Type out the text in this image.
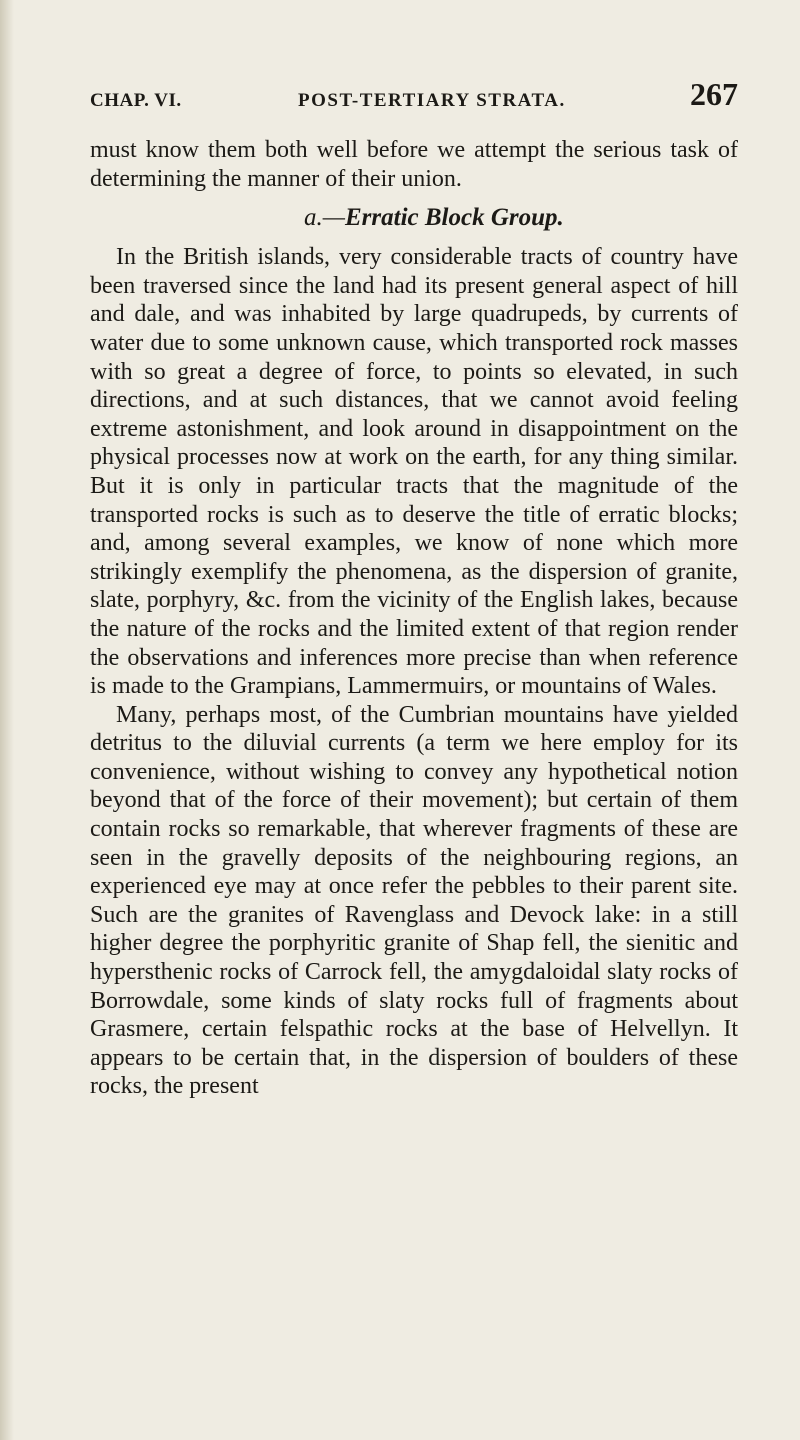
CHAP. VI.	POST-TERTIARY STRATA.	267

must know them both well before we attempt the serious task of determining the manner of their union.

a.—Erratic Block Group.

In the British islands, very considerable tracts of country have been traversed since the land had its present general aspect of hill and dale, and was inhabited by large quadrupeds, by currents of water due to some unknown cause, which transported rock masses with so great a degree of force, to points so elevated, in such directions, and at such distances, that we cannot avoid feeling extreme astonishment, and look around in disappointment on the physical processes now at work on the earth, for any thing similar. But it is only in particular tracts that the magnitude of the transported rocks is such as to deserve the title of erratic blocks; and, among several examples, we know of none which more strikingly exemplify the phenomena, as the dispersion of granite, slate, porphyry, &c. from the vicinity of the English lakes, because the nature of the rocks and the limited extent of that region render the observations and inferences more precise than when reference is made to the Grampians, Lammermuirs, or mountains of Wales.

Many, perhaps most, of the Cumbrian mountains have yielded detritus to the diluvial currents (a term we here employ for its convenience, without wishing to convey any hypothetical notion beyond that of the force of their movement); but certain of them contain rocks so remarkable, that wherever fragments of these are seen in the gravelly deposits of the neighbouring regions, an experienced eye may at once refer the pebbles to their parent site. Such are the granites of Ravenglass and Devock lake: in a still higher degree the porphyritic granite of Shap fell, the sienitic and hypersthenic rocks of Carrock fell, the amygdaloidal slaty rocks of Borrowdale, some kinds of slaty rocks full of fragments about Grasmere, certain felspathic rocks at the base of Helvellyn. It appears to be certain that, in the dispersion of boulders of these rocks, the present
